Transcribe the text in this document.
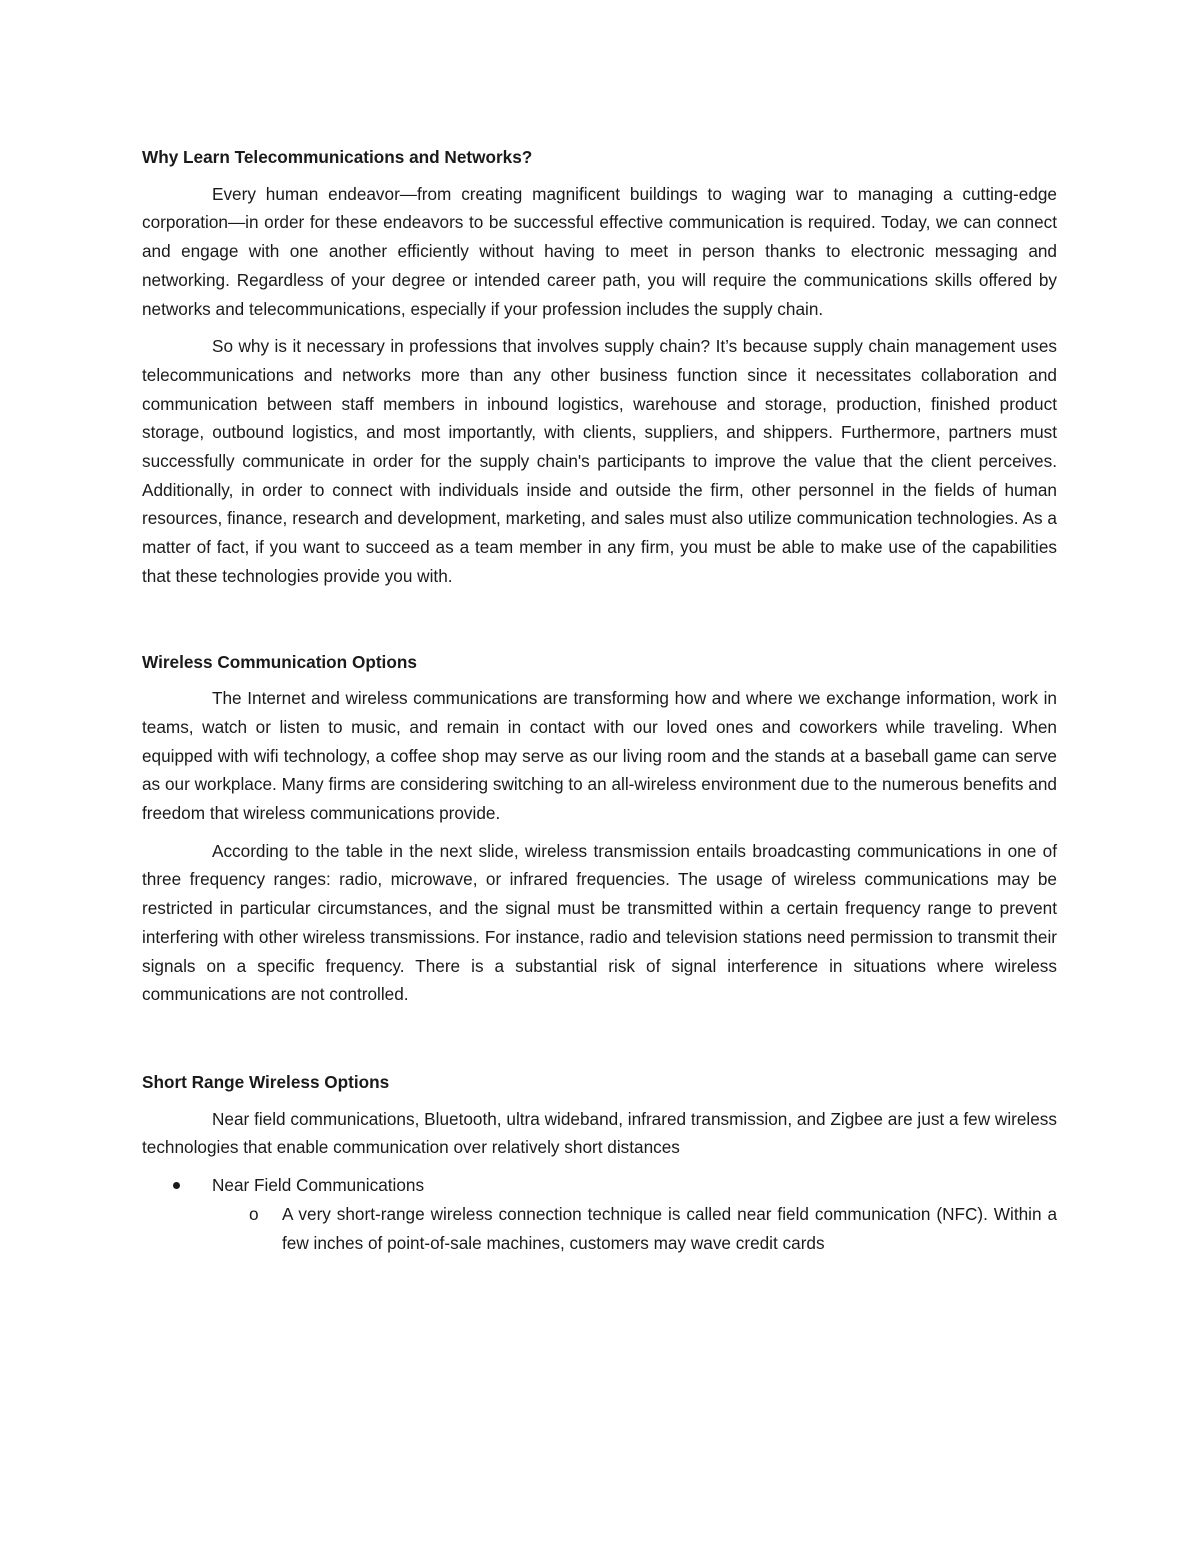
Why Learn Telecommunications and Networks?

Every human endeavor—from creating magnificent buildings to waging war to managing a cutting-edge corporation—in order for these endeavors to be successful effective communication is required. Today, we can connect and engage with one another efficiently without having to meet in person thanks to electronic messaging and networking. Regardless of your degree or intended career path, you will require the communications skills offered by networks and telecommunications, especially if your profession includes the supply chain.

So why is it necessary in professions that involves supply chain? It’s because supply chain management uses telecommunications and networks more than any other business function since it necessitates collaboration and communication between staff members in inbound logistics, warehouse and storage, production, finished product storage, outbound logistics, and most importantly, with clients, suppliers, and shippers. Furthermore, partners must successfully communicate in order for the supply chain's participants to improve the value that the client perceives. Additionally, in order to connect with individuals inside and outside the firm, other personnel in the fields of human resources, finance, research and development, marketing, and sales must also utilize communication technologies. As a matter of fact, if you want to succeed as a team member in any firm, you must be able to make use of the capabilities that these technologies provide you with.

Wireless Communication Options

The Internet and wireless communications are transforming how and where we exchange information, work in teams, watch or listen to music, and remain in contact with our loved ones and coworkers while traveling. When equipped with wifi technology, a coffee shop may serve as our living room and the stands at a baseball game can serve as our workplace. Many firms are considering switching to an all-wireless environment due to the numerous benefits and freedom that wireless communications provide.

According to the table in the next slide, wireless transmission entails broadcasting communications in one of three frequency ranges: radio, microwave, or infrared frequencies. The usage of wireless communications may be restricted in particular circumstances, and the signal must be transmitted within a certain frequency range to prevent interfering with other wireless transmissions. For instance, radio and television stations need permission to transmit their signals on a specific frequency. There is a substantial risk of signal interference in situations where wireless communications are not controlled.

Short Range Wireless Options

Near field communications, Bluetooth, ultra wideband, infrared transmission, and Zigbee are just a few wireless technologies that enable communication over relatively short distances

Near Field Communications
o A very short-range wireless connection technique is called near field communication (NFC). Within a few inches of point-of-sale machines, customers may wave credit cards
